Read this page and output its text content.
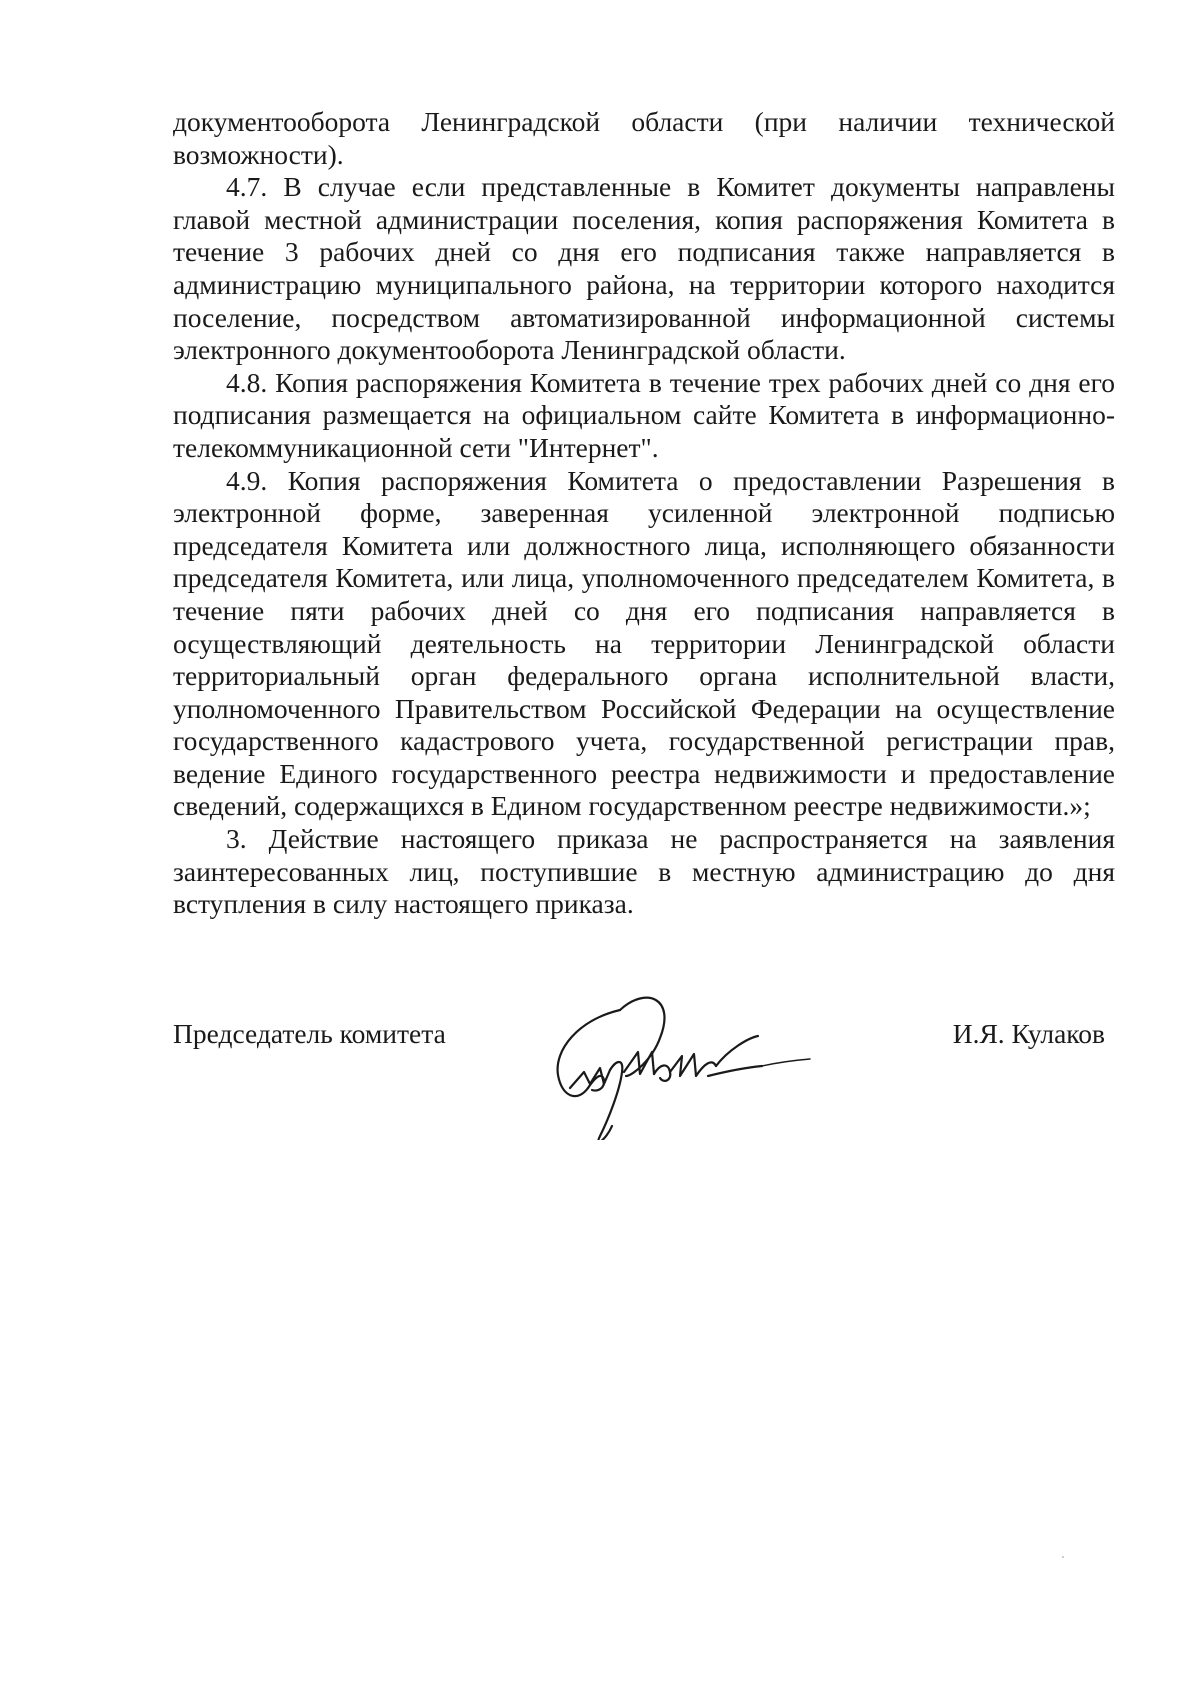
документооборота Ленинградской области (при наличии технической возможности).

4.7. В случае если представленные в Комитет документы направлены главой местной администрации поселения, копия распоряжения Комитета в течение 3 рабочих дней со дня его подписания также направляется в администрацию муниципального района, на территории которого находится поселение, посредством автоматизированной информационной системы электронного документооборота Ленинградской области.

4.8. Копия распоряжения Комитета в течение трех рабочих дней со дня его подписания размещается на официальном сайте Комитета в информационно-телекоммуникационной сети "Интернет".

4.9. Копия распоряжения Комитета о предоставлении Разрешения в электронной форме, заверенная усиленной электронной подписью председателя Комитета или должностного лица, исполняющего обязанности председателя Комитета, или лица, уполномоченного председателем Комитета, в течение пяти рабочих дней со дня его подписания направляется в осуществляющий деятельность на территории Ленинградской области территориальный орган федерального органа исполнительной власти, уполномоченного Правительством Российской Федерации на осуществление государственного кадастрового учета, государственной регистрации прав, ведение Единого государственного реестра недвижимости и предоставление сведений, содержащихся в Едином государственном реестре недвижимости.»;

3. Действие настоящего приказа не распространяется на заявления заинтересованных лиц, поступившие в местную администрацию до дня вступления в силу настоящего приказа.

Председатель комитета	И.Я. Кулаков
